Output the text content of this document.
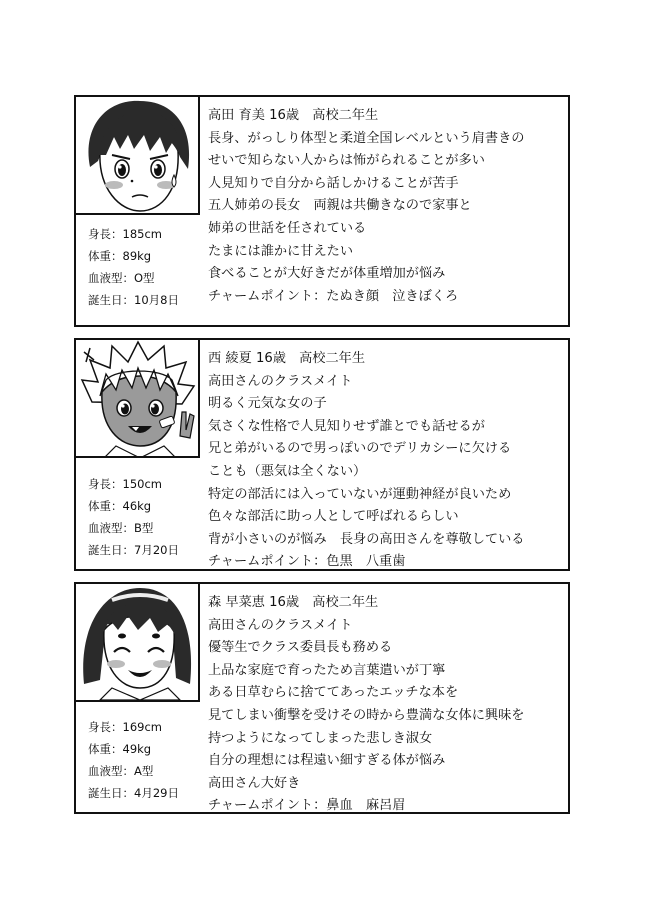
身長：185cm
体重：89kg
血液型：O型
誕生日：10月8日
高田 育美 16歳　高校二年生
長身、がっしり体型と柔道全国レベルという肩書きの
せいで知らない人からは怖がられることが多い
人見知りで自分から話しかけることが苦手
五人姉弟の長女　両親は共働きなので家事と
姉弟の世話を任されている
たまには誰かに甘えたい
食べることが大好きだが体重増加が悩み
チャームポイント：たぬき顔　泣きぼくろ
身長：150cm
体重：46kg
血液型：B型
誕生日：7月20日
西 綾夏 16歳　高校二年生
高田さんのクラスメイト
明るく元気な女の子
気さくな性格で人見知りせず誰とでも話せるが
兄と弟がいるので男っぽいのでデリカシーに欠ける
ことも（悪気は全くない）
特定の部活には入っていないが運動神経が良いため
色々な部活に助っ人として呼ばれるらしい
背が小さいのが悩み　長身の高田さんを尊敬している
チャームポイント：色黒　八重歯
身長：169cm
体重：49kg
血液型：A型
誕生日：4月29日
森 早菜恵 16歳　高校二年生
高田さんのクラスメイト
優等生でクラス委員長も務める
上品な家庭で育ったため言葉遣いが丁寧
ある日草むらに捨ててあったエッチな本を
見てしまい衝撃を受けその時から豊満な女体に興味を
持つようになってしまった悲しき淑女
自分の理想には程遠い細すぎる体が悩み
高田さん大好き
チャームポイント：鼻血　麻呂眉
